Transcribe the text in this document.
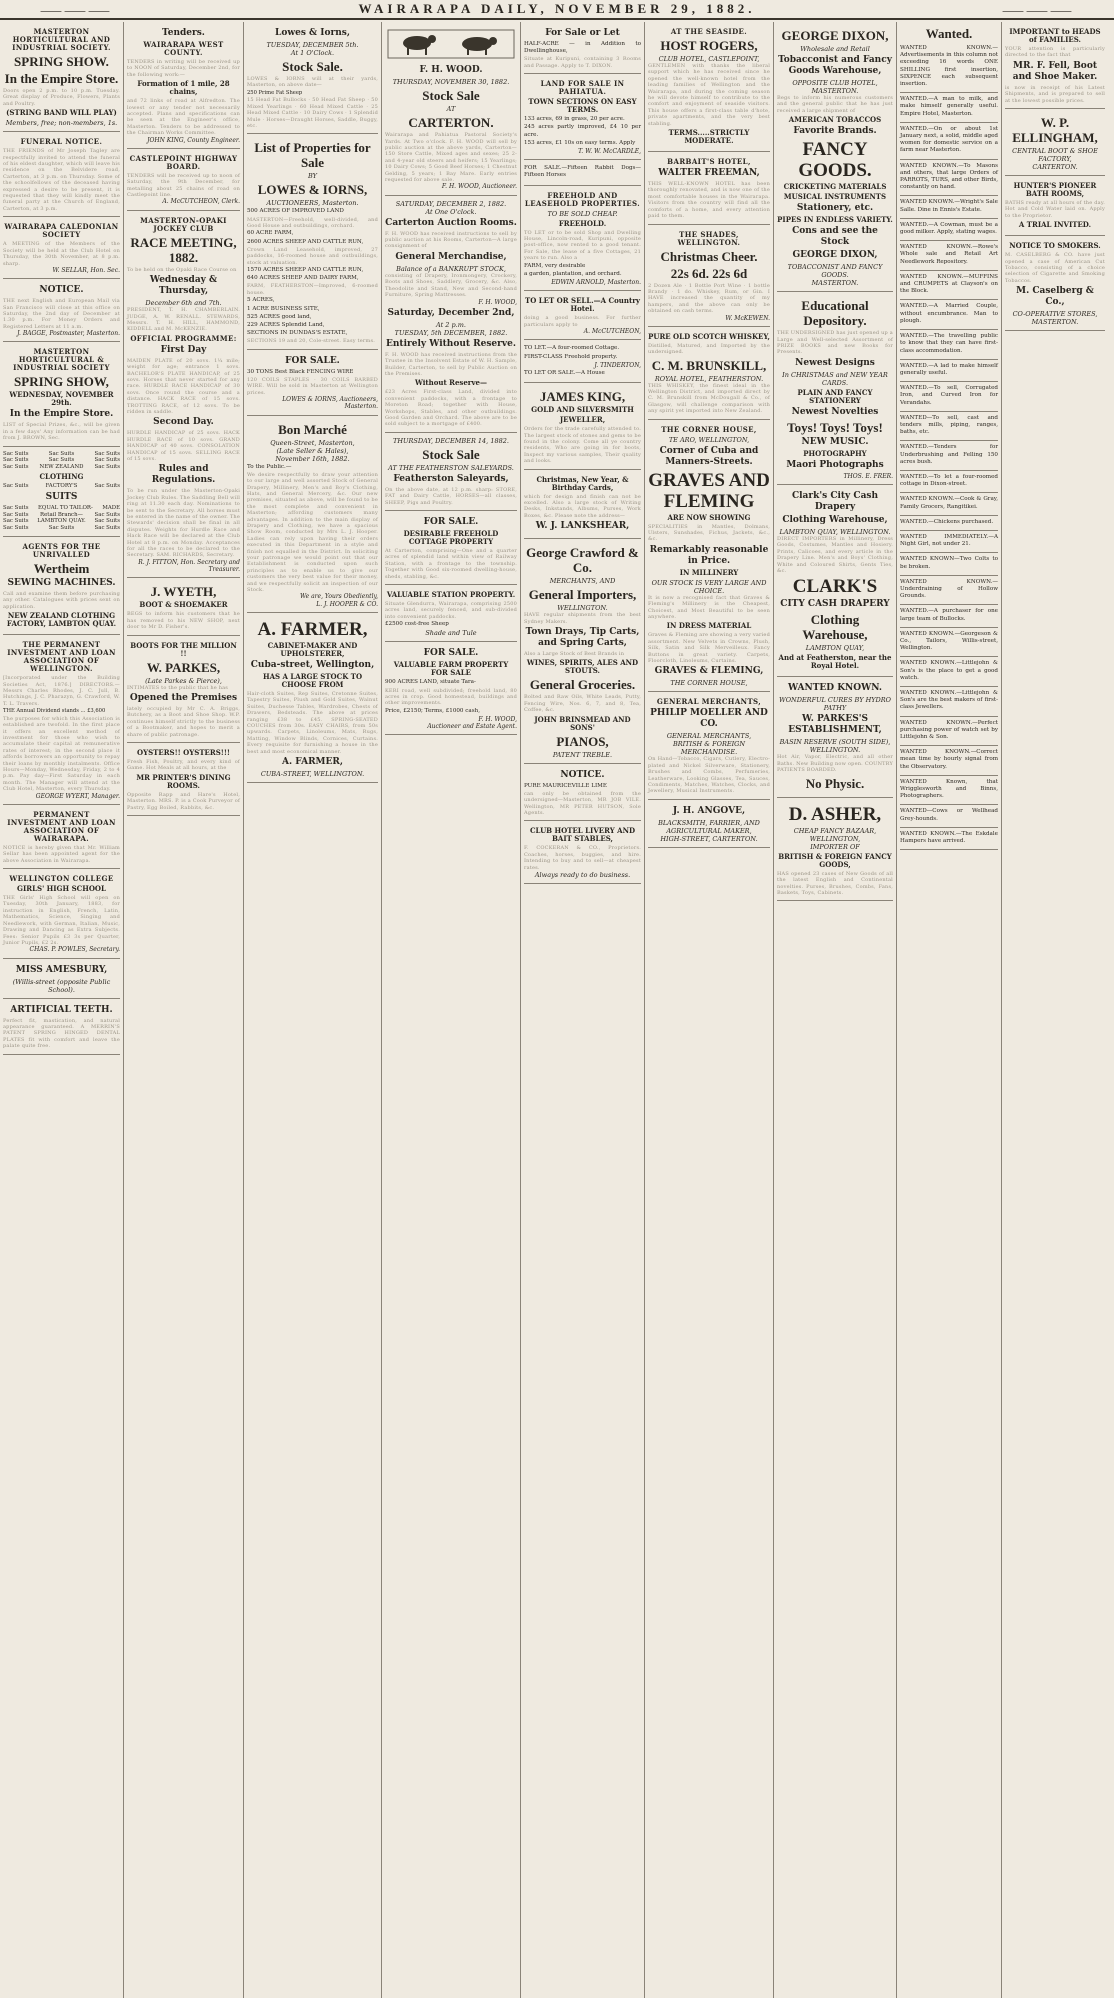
⸺⸺⸺	WAIRARAPA DAILY, NOVEMBER 29, 1882.	⸺⸺⸺
MASTERTON HORTICULTURAL AND INDUSTRIAL SOCIETY.
SPRING SHOW.
In the Empire Store.
Doors open 2 p.m. to 10 p.m. Tuesday. Great display of Produce, Flowers, Plants and Poultry.
(STRING BAND WILL PLAY)
Members, free; non-members, 1s.
FUNERAL NOTICE.
THE FRIENDS of Mr Joseph Tagley are respectfully invited to attend the funeral of his eldest daughter, which will leave his residence on the Belvidere road, Carterton, at 3 p.m. on Thursday. Some of the schoolfellows of the deceased having expressed a desire to be present, it is requested that they will kindly meet the funeral party at the Church of England, Carterton, at 3 p.m.
WAIRARAPA CALEDONIAN SOCIETY
A MEETING of the Members of the Society will be held at the Club Hotel on Thursday, the 30th November, at 8 p.m. sharp.
W. SELLAR, Hon. Sec.
NOTICE.
THE next English and European Mail via San Francisco will close at this office on Saturday, the 2nd day of December at 1.30 p.m. For Money Orders and Registered Letters at 11 a.m.
J. BAGGE, Postmaster, Masterton.
MASTERTON HORTICULTURAL & INDUSTRIAL SOCIETY
SPRING SHOW,
WEDNESDAY, NOVEMBER 29th.
In the Empire Store.
LIST of Special Prizes, &c., will be given in a few days' Any information can be had from J. BROWN, Sec.
Sac Suits	Sac Suits	Sac Suits
Sac Suits	Sac Suits	Sac Suits
Sac Suits NEW ZEALAND Sac Suits
CLOTHING
Sac Suits	FACTORY'S	Sac Suits
SUITS
Sac Suits EQUAL TO TAILOR- MADE
Sac Suits Retail Branch— Sac Suits
Sac Suits LAMBTON QUAY. Sac Suits
Sac Suits	Sac Suits	Sac Suits
AGENTS FOR THE UNRIVALLED
Wertheim
SEWING MACHINES.
Call and examine them before purchasing any other. Catalogues with prices sent on application.
NEW ZEALAND CLOTHING FACTORY, LAMBTON QUAY.
THE PERMANENT INVESTMENT AND LOAN ASSOCIATION OF WELLINGTON.
[Incorporated under the Building Societies Act, 1876.] DIRECTORS.—Messrs Charles Rhodes, J. C. Jull, B. Hutchings, J. C. Pharazyn, G. Crawford, W. T. L. Travers.
THE Annual Dividend stands ... £3,600
The purposes for which this Association is established are twofold. In the first place it offers an excellent method of investment for those who wish to accumulate their capital at remunerative rates of interest; in the second place it affords borrowers an opportunity to repay their loans by monthly instalments. Office Hours—Monday, Wednesday, Friday, 2 to 4 p.m. Pay day—First Saturday in each month. The Manager will attend at the Club Hotel, Masterton, every Thursday.
GEORGE WYERT, Manager.
PERMANENT INVESTMENT AND LOAN ASSOCIATION OF WAIRARAPA.
NOTICE is hereby given that Mr. William Sellar has been appointed agent for the above Association in Wairarapa.
WELLINGTON COLLEGE
GIRLS' HIGH SCHOOL
THE Girls' High School will open on Tuesday, 30th January, 1883, for instruction in English, French, Latin, Mathematics, Science, Singing and Needlework, with German, Italian, Music, Drawing and Dancing as Extra Subjects. Fees: Senior Pupils £3 3s per Quarter, Junior Pupils, £2 2s.
CHAS. P. POWLES, Secretary.
MISS AMESBURY,
(Willis-street (opposite Public School).
ARTIFICIAL TEETH.
Perfect fit, mastication, and natural appearance guaranteed. A MERRIN'S PATENT SPRING HINGED DENTAL PLATES fit with comfort and leave the palate quite free.
Tenders.
WAIRARAPA WEST COUNTY.
TENDERS in writing will be received up to NOON of Saturday, December 2nd, for the following work:—
Formation of 1 mile, 28 chains,
and 72 links of road at Alfredton. The lowest or any tender not necessarily accepted. Plans and specifications can be seen at the Engineer's office, Masterton. Tenders to be addressed to the Chairman Works Committee.
JOHN KING, County Engineer.
CASTLEPOINT HIGHWAY BOARD.
TENDERS will be received up to noon of Saturday, the 9th December, for metalling about 25 chains of road on Castlepoint line.
A. McCUTCHEON, Clerk.
MASTERTON-OPAKI JOCKEY CLUB
RACE MEETING, 1882.
To be held on the Opaki Race Course on
Wednesday & Thursday,
December 6th and 7th.
PRESIDENT, T. H. CHAMBERLAIN. JUDGE, A. W. RENALL. STEWARDS, Messrs. T. H. HILL, HAMMOND, KIDDELL and M. McKENZIE.
OFFICIAL PROGRAMME:
First Day
MAIDEN PLATE of 20 sovs. 1¼ mile; weight for age; entrance 1 sovs. BACHELOR'S PLATE HANDICAP, of 25 sovs. Horses that never started for any race. HURDLE RACE HANDICAP of 30 sovs. Once round the course and a distance. HACK RACE of 15 sovs. TROTTING RACE, of 12 sovs. To be ridden in saddle.
Second Day.
HURDLE HANDICAP of 25 sovs. HACK HURDLE RACE of 10 sovs. GRAND HANDICAP of 40 sovs. CONSOLATION HANDICAP of 15 sovs. SELLING RACE of 15 sovs.
Rules and Regulations.
To be run under the Masterton-Opaki Jockey Club Rules. The Saddling Bell will ring at 11.30 each day. Nominations to be sent to the Secretary. All horses must be entered in the name of the owner. The Stewards' decision shall be final in all disputes. Weights for Hurdle Race and Hack Race will be declared at the Club Hotel at 8 p.m. on Monday. Acceptances for all the races to be declared to the Secretary. SAM. RICHARDS, Secretary.
R. J. FITTON, Hon. Secretary and Treasurer.
J. WYETH,
BOOT & SHOEMAKER
BEGS to inform his customers that he has removed to his NEW SHOP, next door to Mr D. Fisher's.
BOOTS FOR THE MILLION !!
W. PARKES,
(Late Parkes & Pierce),
INTIMATES to the public that he has
Opened the Premises
lately occupied by Mr C. A. Briggs, Butchery, as a Boot and Shoe Shop. W.P. continues himself strictly to the business of a Bootmaker, and hopes to merit a share of public patronage.
OYSTERS!! OYSTERS!!!
Fresh Fish, Poultry, and every kind of Game. Hot Meals at all hours, at the
MR PRINTER'S DINING ROOMS.
Opposite Rapp and Hare's Hotel, Masterton. MRS. P. is a Cook Purveyor of Pastry, Egg Boiled, Rabbits, &c.
Lowes & Iorns,
TUESDAY, DECEMBER 5th.
At 1 O'Clock.
Stock Sale.
LOWES & IORNS will at their yards, Masterton, on above date—
250 Prime Fat Sheep
15 Head Fat Bullocks · 50 Head Fat Sheep · 50 Mixed Yearlings · 60 Head Mixed Cattle · 25 Head Mixed Cattle · 10 Dairy Cows · 1 Splendid Mule · Horses—Draught Horses, Saddle, Buggy, etc.
List of Properties for Sale
BY
LOWES & IORNS,
AUCTIONEERS, Masterton.
500 ACRES OF IMPROVED LAND
MASTERTON—Freehold, well-divided, and Good House and outbuildings, orchard.
60 ACRE FARM,
2600 ACRES SHEEP AND CATTLE RUN,
Crown Land Leasehold, improved, 27 paddocks, 16-roomed house and outbuildings, stock at valuation.
1570 ACRES SHEEP AND CATTLE RUN,
640 ACRES SHEEP AND DAIRY FARM,
FARM, FEATHERSTON—Improved, 6-roomed house.
5 ACRES,
1 ACRE BUSINESS SITE,
525 ACRES good land,
229 ACRES Splendid Land,
SECTIONS IN DUNDAS'S ESTATE,
SECTIONS 19 and 20, Cole-street. Easy terms.
FOR SALE.
30 TONS Best Black FENCING WIRE
120 COILS STAPLES · 30 COILS BARBED WIRE. Will be sold in Masterton at Wellington prices.
LOWES & IORNS, Auctioneers, Masterton.
Bon Marché
Queen-Street, Masterton,
(Late Seller & Hales),
November 16th, 1882.
To the Public.—
We desire respectfully to draw your attention to our large and well assorted Stock of General Drapery, Millinery, Men's and Boy's Clothing, Hats, and General Mercery, &c. Our new premises, situated as above, will be found to be the most complete and convenient in Masterton; affording customers many advantages. In addition to the main display of Drapery and Clothing, we have a spacious Show Room, conducted by Mrs L. J. Hooper. Ladies can rely upon having their orders executed in this Department in a style and finish not equalled in the District. In soliciting your patronage we would point out that our Establishment is conducted upon such principles as to enable us to give our customers the very best value for their money, and we respectfully solicit an inspection of our Stock.
We are, Yours Obediently,
L. J. HOOPER & CO.
A. FARMER,
CABINET-MAKER AND UPHOLSTERER,
Cuba-street, Wellington,
HAS A LARGE STOCK TO CHOOSE FROM
Hair-cloth Suites, Rep Suites, Cretonne Suites, Tapestry Suites, Plush and Gold Suites, Walnut Suites, Duchesse Tables, Wardrobes, Chests of Drawers, Bedsteads. The above at prices ranging £38 to £45. SPRING-SEATED COUCHES from 30s. EASY CHAIRS, from 50s upwards. Carpets, Linoleums, Mats, Rugs, Matting, Window Blinds, Cornices, Curtains. Every requisite for furnishing a house in the best and most economical manner.
A. FARMER,
CUBA-STREET, WELLINGTON.
F. H. WOOD.
THURSDAY, NOVEMBER 30, 1882.
Stock Sale
AT
CARTERTON.
Wairarapa and Pahiatua Pastoral Society's Yards. At Two o'clock. F. H. WOOD will sell by public auction at the above yards, Carterton—150 Store Cattle, Mixed ages and sexes; 25 2- and 4-year old steers and heifers; 15 Yearlings; 10 Dairy Cows; 5 Good Beef Horses; 1 Chestnut Gelding, 5 years; 1 Bay Mare. Early entries requested for above sale.
F. H. WOOD, Auctioneer.
SATURDAY, DECEMBER 2, 1882.
At One O'clock.
Carterton Auction Rooms.
F. H. WOOD has received instructions to sell by public auction at his Rooms, Carterton—A large consignment of
General Merchandise,
Balance of a BANKRUPT STOCK,
consisting of Drapery, Ironmongery, Crockery, Boots and Shoes, Saddlery, Grocery, &c. Also, Theodolite and Stand, New and Second-hand Furniture, Spring Mattresses.
F. H. WOOD,
Saturday, December 2nd,
At 2 p.m.
TUESDAY, 5th DECEMBER, 1882.
Entirely Without Reserve.
F. H. WOOD has received instructions from the Trustee in the Insolvent Estate of W. H. Sample, Builder, Carterton, to sell by Public Auction on the Premises.
Without Reserve—
£23 Acres First-class Land, divided into convenient paddocks, with a frontage to Moreton Road; together with House, Workshops, Stables, and other outbuildings. Good Garden and Orchard. The above are to be sold subject to a mortgage of £400.
THURSDAY, DECEMBER 14, 1882.
Stock Sale
AT THE FEATHERSTON SALEYARDS.
Featherston Saleyards,
On the above date, at 12 p.m. sharp: STORE, FAT and Dairy Cattle, HORSES—all classes, SHEEP, Pigs and Poultry.
FOR SALE.
DESIRABLE FREEHOLD COTTAGE PROPERTY
At Carterton, comprising—One and a quarter acres of splendid land within view of Railway Station, with a frontage to the township. Together with Good six-roomed dwelling-house, sheds, stabling, &c.
VALUABLE STATION PROPERTY.
Situate Glendurra, Wairarapa, comprising 2500 acres land, securely fenced, and sub-divided into convenient paddocks.
£2500 cost-free Sheep
Shade and Tule
FOR SALE.
VALUABLE FARM PROPERTY FOR SALE
900 ACRES LAND, situate Tara-
KERI road, well subdivided; freehold land, 80 acres in crop. Good homestead, buildings and other improvements.
Price, £2150; Terms, £1000 cash,
F. H. WOOD,
Auctioneer and Estate Agent.
For Sale or Let
HALF-ACRE — in Addition to Dwellinghouse,
Situate at Kuripuni, containing 3 Rooms and Passage. Apply to T. DIXON.
LAND FOR SALE IN PAHIATUA.
TOWN SECTIONS ON EASY TERMS.
133 acres, 69 in grass, 20 per acre.
245 acres partly improved, £4 10 per acre.
153 acres, £1 10s on easy terms. Apply
T. W. W. McCARDLE,
FOR SALE.—Fifteen Rabbit Dogs—Fifteen Horses
FREEHOLD AND LEASEHOLD PROPERTIES.
TO BE SOLD CHEAP.
FREEHOLD.
TO LET or to be sold Shop and Dwelling House, Lincoln-road, Kuripuni, opposite post-office, now rented to a good tenant. For Sale, the lease of a five Cottages, 21 years to run. Also a
FARM, very desirable
a garden, plantation, and orchard.
EDWIN ARNOLD, Masterton.
TO LET OR SELL.—A Country Hotel.
doing a good business. For further particulars apply to
A. McCUTCHEON,
TO LET.—A four-roomed Cottage.
FIRST-CLASS Freehold property.
J. TINDERTON,
TO LET OR SALE.—A House
JAMES KING,
GOLD AND SILVERSMITH
JEWELLER,
Orders for the trade carefully attended to. The largest stock of stones and gems to be found in the colony. Come all ye country residents, Who are going in for boots, Inspect my various samples, Their quality and looks.
Christmas, New Year, & Birthday Cards,
which for design and finish can not be excelled. Also a large stock of Writing Desks, Inkstands, Albums, Purses, Work Boxes, &c. Please note the address—
W. J. LANKSHEAR,
George Crawford & Co.
MERCHANTS, AND
General Importers,
WELLINGTON.
HAVE regular shipments from the best Sydney Makers.
Town Drays, Tip Carts, and Spring Carts,
Also a Large Stock of Best Brands in
WINES, SPIRITS, ALES AND STOUTS.
General Groceries.
Bolted and Raw Oils, White Leads, Putty, Fencing Wire, Nos. 6, 7, and 8, Tea, Coffee, &c.
JOHN BRINSMEAD AND SONS'
PIANOS,
PATENT TREBLE.
NOTICE.
PURE MAURICEVILLE LIME
can only be obtained from the undersigned—Masterton, MR JOB VILE. Wellington, MR PETER HUTSON, Sole Agents.
CLUB HOTEL LIVERY AND BAIT STABLES,
F. COCKERAN & CO., Proprietors. Coaches, horses, buggies, and hire. Intending to buy and to sell—at cheapest rates.
Always ready to do business.
AT THE SEASIDE.
HOST ROGERS,
CLUB HOTEL, CASTLEPOINT,
GENTLEMEN with thanks the liberal support which he has received since he opened the well-known hotel from the leading families of Wellington and the Wairarapa, and during the coming season he will devote himself to contribute to the comfort and enjoyment of seaside visitors. This house offers a first-class table d'hote, private apartments, and the very best stabling.
TERMS.....STRICTLY MODERATE.
BARBAIT'S HOTEL,
WALTER FREEMAN,
THIS WELL-KNOWN HOTEL has been thoroughly renovated, and is now one of the most comfortable houses in the Wairarapa. Visitors from the country will find all the comforts of a home, and every attention paid to them.
THE SHADES, WELLINGTON.
Christmas Cheer.
22s 6d. 22s 6d
2 Dozen Ale · 1 Bottle Port Wine · 1 bottle Brandy · 1 do. Whiskey, Rum, or Gin. I HAVE increased the quantity of my hampers, and the above can only be obtained on cash terms.
W. McKEWEN.
PURE OLD SCOTCH WHISKEY,
Distilled, Matured, and Imported by the undersigned.
C. M. BRUNSKILL,
ROYAL HOTEL, FEATHERSTON.
THIS WHISKEY, the finest ideal in the Wellington District, and imported direct by C. M. Brunskill from McDougall & Co., of Glasgow, will challenge comparison with any spirit yet imported into New Zealand.
THE CORNER HOUSE,
TE ARO, WELLINGTON,
Corner of Cuba and Manners-Streets.
GRAVES AND FLEMING
ARE NOW SHOWING
SPECIALITIES in Mantles, Dolmans, Ulsters, Sunshades, Fichus, Jackets, &c., &c.
Remarkably reasonable in Price.
IN MILLINERY
OUR STOCK IS VERY LARGE AND CHOICE.
It is now a recognised fact that Graves & Fleming's Millinery is the Cheapest, Choicest, and Most Beautiful to be seen anywhere.
IN DRESS MATERIAL
Graves & Fleming are showing a very varied assortment. New Velvets in Crowns, Plush, Silk, Satin and Silk Merveilleux. Fancy Buttons in great variety. Carpets, Floorcloth, Linoleums, Curtains.
GRAVES & FLEMING,
THE CORNER HOUSE,
GENERAL MERCHANTS,
PHILIP MOELLER AND CO.
GENERAL MERCHANTS,
BRITISH & FOREIGN MERCHANDISE.
On Hand—Tobacco, Cigars, Cutlery, Electro-plated and Nickel Silverware, Stationery, Brushes and Combs, Perfumeries, Leatherware, Looking Glasses, Tea, Sauces, Condiments, Matches, Watches, Clocks, and Jewellery, Musical Instruments.
J. H. ANGOVE,
BLACKSMITH, FARRIER, AND AGRICULTURAL MAKER,
HIGH-STREET, CARTERTON.
GEORGE DIXON,
Wholesale and Retail
Tobacconist and Fancy Goods Warehouse,
OPPOSITE CLUB HOTEL, MASTERTON.
Begs to inform his numerous customers and the general public that he has just received a large shipment of
AMERICAN TOBACCOS
Favorite Brands.
FANCY GOODS.
CRICKETING MATERIALS
MUSICAL INSTRUMENTS
Stationery, etc.
PIPES IN ENDLESS VARIETY.
Cons and see the Stock
GEORGE DIXON,
TOBACCONIST AND FANCY GOODS.
MASTERTON.
Educational Depository.
THE UNDERSIGNED has just opened up a Large and Well-selected Assortment of PRIZE BOOKS and new Books for Presents.
Newest Designs
In CHRISTMAS and NEW YEAR CARDS.
PLAIN AND FANCY STATIONERY
Newest Novelties
Toys! Toys! Toys!
NEW MUSIC.
PHOTOGRAPHY
Maori Photographs
THOS. E. FRER.
Clark's City Cash Drapery
Clothing Warehouse,
LAMBTON QUAY, WELLINGTON.
DIRECT IMPORTERS in Millinery, Dress Goods, Costumes, Mantles and Hosiery. Prints, Calicoes, and every article in the Drapery Line. Men's and Boys' Clothing, White and Coloured Shirts, Gents Ties, &c.
CLARK'S
CITY CASH DRAPERY
Clothing Warehouse,
LAMBTON QUAY,
And at Featherston, near the Royal Hotel.
WANTED KNOWN.
WONDERFUL CURES BY HYDRO PATHY
W. PARKES'S ESTABLISHMENT,
BASIN RESERVE (SOUTH SIDE), WELLINGTON.
Hot Air, Vapor, Electric, and all other Baths. New Building now open. COUNTRY PATIENTS BOARDED.
No Physic.
D. ASHER,
CHEAP FANCY BAZAAR, WELLINGTON,
IMPORTER OF
BRITISH & FOREIGN FANCY GOODS,
HAS opened 23 cases of New Goods of all the latest English and Continental novelties. Purses, Brushes, Combs, Fans, Baskets, Toys, Cabinets.
Wanted.
WANTED KNOWN.—Advertisements in this column not exceeding 16 words ONE SHILLING first insertion, SIXPENCE each subsequent insertion.
WANTED.—A man to milk, and make himself generally useful. Empire Hotel, Masterton.
WANTED.—On or about 1st January next, a solid, middle aged women for domestic service on a farm near Masterton.
WANTED KNOWN.—To Masons and others, that large Orders of PARROTS, TURS, and other Birds, constantly on hand.
WANTED KNOWN.—Wright's Sale Salle. Dine in Ennis's Estate.
WANTED.—A Cowman, must be a good milker. Apply, stating wages.
WANTED KNOWN.—Rowe's Whole sale and Retail Art Needlework Repository.
WANTED KNOWN.—MUFFINS and CRUMPETS at Clayson's on the Block.
WANTED.—A Married Couple, without encumbrance. Man to plough.
WANTED.—The travelling public to know that they can have first-class accommodation.
WANTED.—A lad to make himself generally useful.
WANTED.—To sell, Corrugated Iron, and Curved Iron for Verandahs.
WANTED—To sell, cast and tenders mills, piping, ranges, baths, etc.
WANTED.—Tenders for Underbrushing and Felling 150 acres bush.
WANTED.—To let a four-roomed cottage in Dixon-street.
WANTED KNOWN.—Cook & Gray, Family Grocers, Rangitikei.
WANTED.—Chickens purchased.
WANTED IMMEDIATELY.—A Night Girl, not under 21.
WANTED KNOWN—Two Colts to be broken.
WANTED KNOWN.—Underdraining of Hollow Grounds.
WANTED.—A purchaser for one large team of Bullocks.
WANTED KNOWN.—Georgeson & Co., Tailors, Willis-street, Wellington.
WANTED KNOWN.—Littlejohn & Son's is the place to get a good watch.
WANTED KNOWN.—Littlejohn & Son's are the best makers of first-class Jewellers.
WANTED KNOWN.—Perfect purchasing power of watch set by Littlejohn & Son.
WANTED KNOWN.—Correct mean time by hourly signal from the Observatory.
WANTED Known, that Wrigglesworth and Binns, Photographers.
WANTED—Cows or Wellhead Grey-hounds.
WANTED KNOWN.—The Eskdale Hampers have arrived.
IMPORTANT to HEADS of FAMILIES.
YOUR attention is particularly directed to the fact that
MR. F. Fell, Boot and Shoe Maker.
is now in receipt of his Latest Shipments, and is prepared to sell at the lowest possible prices.
W. P. ELLINGHAM,
CENTRAL BOOT & SHOE FACTORY,
CARTERTON.
HUNTER'S PIONEER BATH ROOMS,
BATHS ready at all hours of the day. Hot and Cold Water laid on. Apply to the Proprietor.
A TRIAL INVITED.
NOTICE TO SMOKERS.
M. CASELBERG & CO. have just opened a case of American Cut Tobacco, consisting of a choice selection of Cigarette and Smoking Tobaccos.
M. Caselberg & Co.,
CO-OPERATIVE STORES, MASTERTON.
